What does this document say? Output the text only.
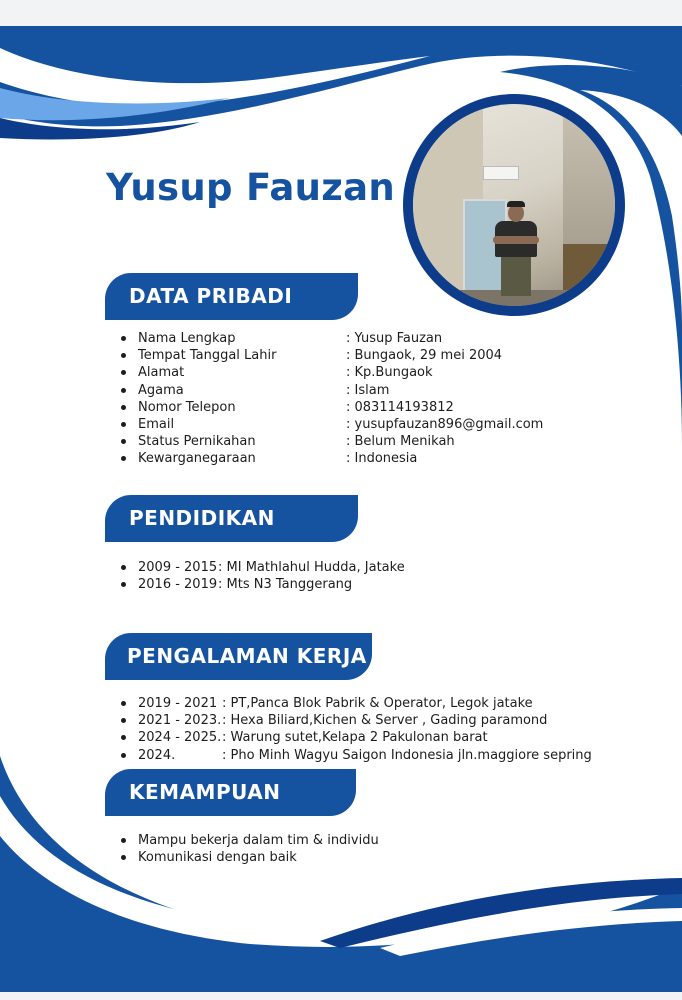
Yusup Fauzan
DATA PRIBADI
Nama Lengkap	: Yusup Fauzan
Tempat Tanggal Lahir	: Bungaok, 29 mei 2004
Alamat	: Kp.Bungaok
Agama	: Islam
Nomor Telepon	: 083114193812
Email	: yusupfauzan896@gmail.com
Status Pernikahan	: Belum Menikah
Kewarganegaraan	: Indonesia
PENDIDIKAN
2009 - 2015 : MI Mathlahul Hudda, Jatake
2016 - 2019 : Mts N3 Tanggerang
PENGALAMAN KERJA
2019 - 2021 : PT,Panca Blok Pabrik & Operator, Legok jatake
2021 - 2023. : Hexa Biliard,Kichen & Server , Gading paramond
2024 - 2025. : Warung sutet,Kelapa 2 Pakulonan barat
2024.	: Pho Minh Wagyu Saigon Indonesia jln.maggiore sepring
KEMAMPUAN
Mampu bekerja dalam tim & individu
Komunikasi dengan baik
